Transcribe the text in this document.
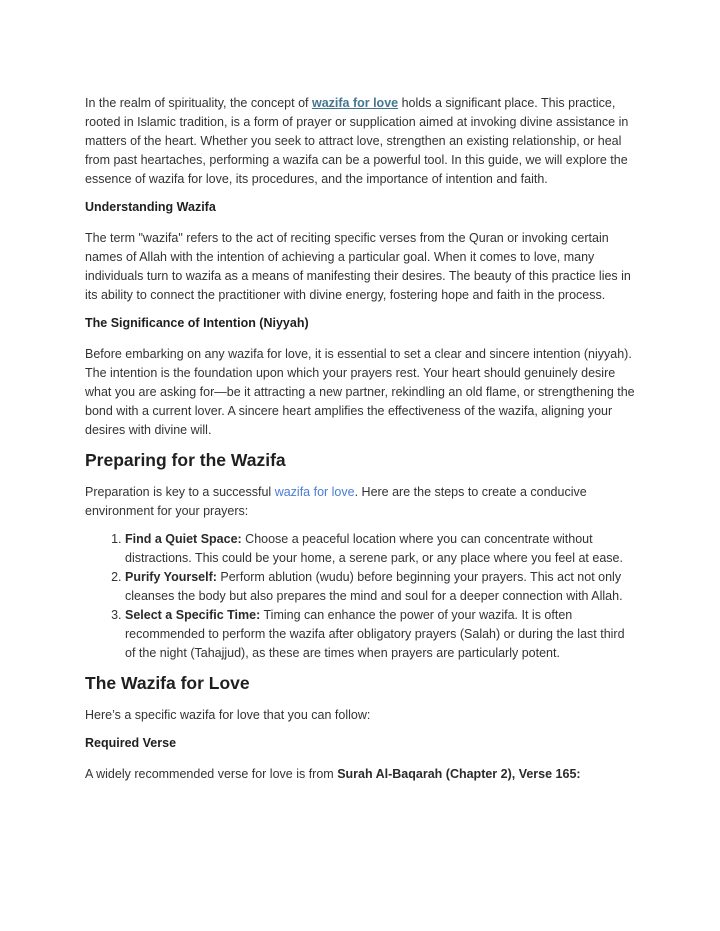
In the realm of spirituality, the concept of wazifa for love holds a significant place. This practice, rooted in Islamic tradition, is a form of prayer or supplication aimed at invoking divine assistance in matters of the heart. Whether you seek to attract love, strengthen an existing relationship, or heal from past heartaches, performing a wazifa can be a powerful tool. In this guide, we will explore the essence of wazifa for love, its procedures, and the importance of intention and faith.

Understanding Wazifa

The term "wazifa" refers to the act of reciting specific verses from the Quran or invoking certain names of Allah with the intention of achieving a particular goal. When it comes to love, many individuals turn to wazifa as a means of manifesting their desires. The beauty of this practice lies in its ability to connect the practitioner with divine energy, fostering hope and faith in the process.

The Significance of Intention (Niyyah)

Before embarking on any wazifa for love, it is essential to set a clear and sincere intention (niyyah). The intention is the foundation upon which your prayers rest. Your heart should genuinely desire what you are asking for—be it attracting a new partner, rekindling an old flame, or strengthening the bond with a current lover. A sincere heart amplifies the effectiveness of the wazifa, aligning your desires with divine will.

Preparing for the Wazifa

Preparation is key to a successful wazifa for love. Here are the steps to create a conducive environment for your prayers:

1. Find a Quiet Space: Choose a peaceful location where you can concentrate without distractions. This could be your home, a serene park, or any place where you feel at ease.
2. Purify Yourself: Perform ablution (wudu) before beginning your prayers. This act not only cleanses the body but also prepares the mind and soul for a deeper connection with Allah.
3. Select a Specific Time: Timing can enhance the power of your wazifa. It is often recommended to perform the wazifa after obligatory prayers (Salah) or during the last third of the night (Tahajjud), as these are times when prayers are particularly potent.
The Wazifa for Love

Here’s a specific wazifa for love that you can follow:

Required Verse

A widely recommended verse for love is from Surah Al-Baqarah (Chapter 2), Verse 165:
